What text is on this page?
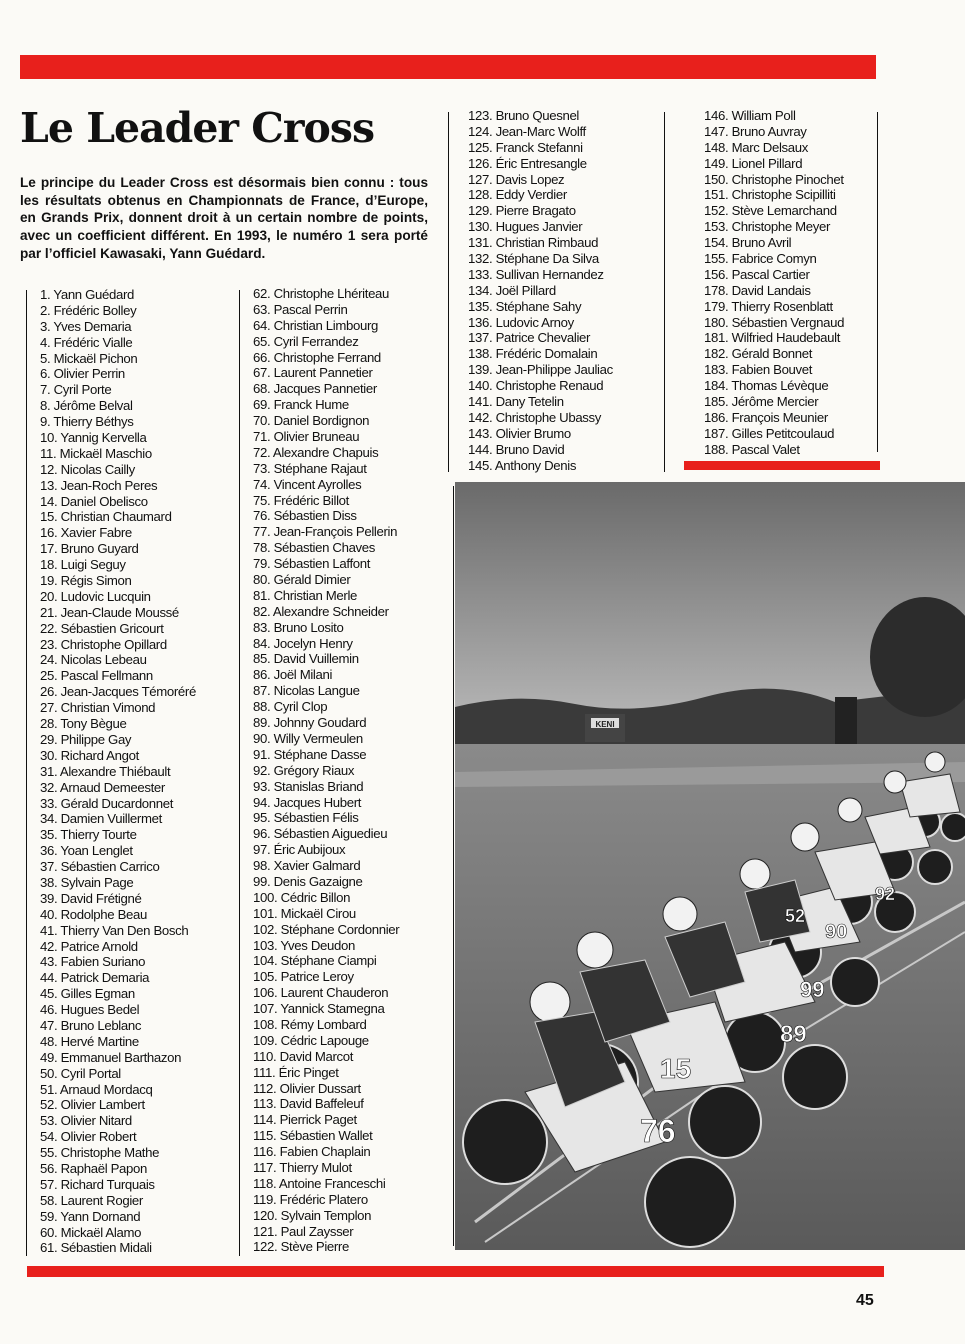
Le Leader Cross

Le principe du Leader Cross est désormais bien connu : tous les résultats obtenus en Championnats de France, d’Europe, en Grands Prix, donnent droit à un certain nombre de points, avec un coefficient différent. En 1993, le numéro 1 sera porté par l’officiel Kawasaki, Yann Guédard.

1. Yann Guédard
2. Frédéric Bolley
3. Yves Demaria
4. Frédéric Vialle
5. Mickaël Pichon
6. Olivier Perrin
7. Cyril Porte
8. Jérôme Belval
9. Thierry Béthys
10. Yannig Kervella
11. Mickaël Maschio
12. Nicolas Cailly
13. Jean-Roch Peres
14. Daniel Obelisco
15. Christian Chaumard
16. Xavier Fabre
17. Bruno Guyard
18. Luigi Seguy
19. Régis Simon
20. Ludovic Lucquin
21. Jean-Claude Moussé
22. Sébastien Gricourt
23. Christophe Opillard
24. Nicolas Lebeau
25. Pascal Fellmann
26. Jean-Jacques Témoréré
27. Christian Vimond
28. Tony Bègue
29. Philippe Gay
30. Richard Angot
31. Alexandre Thiébault
32. Arnaud Demeester
33. Gérald Ducardonnet
34. Damien Vuillermet
35. Thierry Tourte
36. Yoan Lenglet
37. Sébastien Carrico
38. Sylvain Page
39. David Frétigné
40. Rodolphe Beau
41. Thierry Van Den Bosch
42. Patrice Arnold
43. Fabien Suriano
44. Patrick Demaria
45. Gilles Egman
46. Hugues Bedel
47. Bruno Leblanc
48. Hervé Martine
49. Emmanuel Barthazon
50. Cyril Portal
51. Arnaud Mordacq
52. Olivier Lambert
53. Olivier Nitard
54. Olivier Robert
55. Christophe Mathe
56. Raphaël Papon
57. Richard Turquais
58. Laurent Rogier
59. Yann Dornand
60. Mickaël Alamo
61. Sébastien Midali
62. Christophe Lhériteau
63. Pascal Perrin
64. Christian Limbourg
65. Cyril Ferrandez
66. Christophe Ferrand
67. Laurent Pannetier
68. Jacques Pannetier
69. Franck Hume
70. Daniel Bordignon
71. Olivier Bruneau
72. Alexandre Chapuis
73. Stéphane Rajaut
74. Vincent Ayrolles
75. Frédéric Billot
76. Sébastien Diss
77. Jean-François Pellerin
78. Sébastien Chaves
79. Sébastien Laffont
80. Gérald Dimier
81. Christian Merle
82. Alexandre Schneider
83. Bruno Losito
84. Jocelyn Henry
85. David Vuillemin
86. Joël Milani
87. Nicolas Langue
88. Cyril Clop
89. Johnny Goudard
90. Willy Vermeulen
91. Stéphane Dasse
92. Grégory Riaux
93. Stanislas Briand
94. Jacques Hubert
95. Sébastien Félis
96. Sébastien Aiguedieu
97. Éric Aubijoux
98. Xavier Galmard
99. Denis Gazaigne
100. Cédric Billon
101. Mickaël Cirou
102. Stéphane Cordonnier
103. Yves Deudon
104. Stéphane Ciampi
105. Patrice Leroy
106. Laurent Chauderon
107. Yannick Stamegna
108. Rémy Lombard
109. Cédric Lapouge
110. David Marcot
111. Éric Pinget
112. Olivier Dussart
113. David Baffeleuf
114. Pierrick Paget
115. Sébastien Wallet
116. Fabien Chaplain
117. Thierry Mulot
118. Antoine Franceschi
119. Frédéric Platero
120. Sylvain Templon
121. Paul Zaysser
122. Stève Pierre
123. Bruno Quesnel
124. Jean-Marc Wolff
125. Franck Stefanni
126. Éric Entresangle
127. Davis Lopez
128. Eddy Verdier
129. Pierre Bragato
130. Hugues Janvier
131. Christian Rimbaud
132. Stéphane Da Silva
133. Sullivan Hernandez
134. Joël Pillard
135. Stéphane Sahy
136. Ludovic Arnoy
137. Patrice Chevalier
138. Frédéric Domalain
139. Jean-Philippe Jauliac
140. Christophe Renaud
141. Dany Tetelin
142. Christophe Ubassy
143. Olivier Brumo
144. Bruno David
145. Anthony Denis
146. William Poll
147. Bruno Auvray
148. Marc Delsaux
149. Lionel Pillard
150. Christophe Pinochet
151. Christophe Scipilliti
152. Stève Lemarchand
153. Christophe Meyer
154. Bruno Avril
155. Fabrice Comyn
156. Pascal Cartier
178. David Landais
179. Thierry Rosenblatt
180. Sébastien Vergnaud
181. Wilfried Haudebault
182. Gérald Bonnet
183. Fabien Bouvet
184. Thomas Lévèque
185. Jérôme Mercier
186. François Meunier
187. Gilles Petitcoulaud
188. Pascal Valet
KENI
76
15
89
99
90
52
92
45
